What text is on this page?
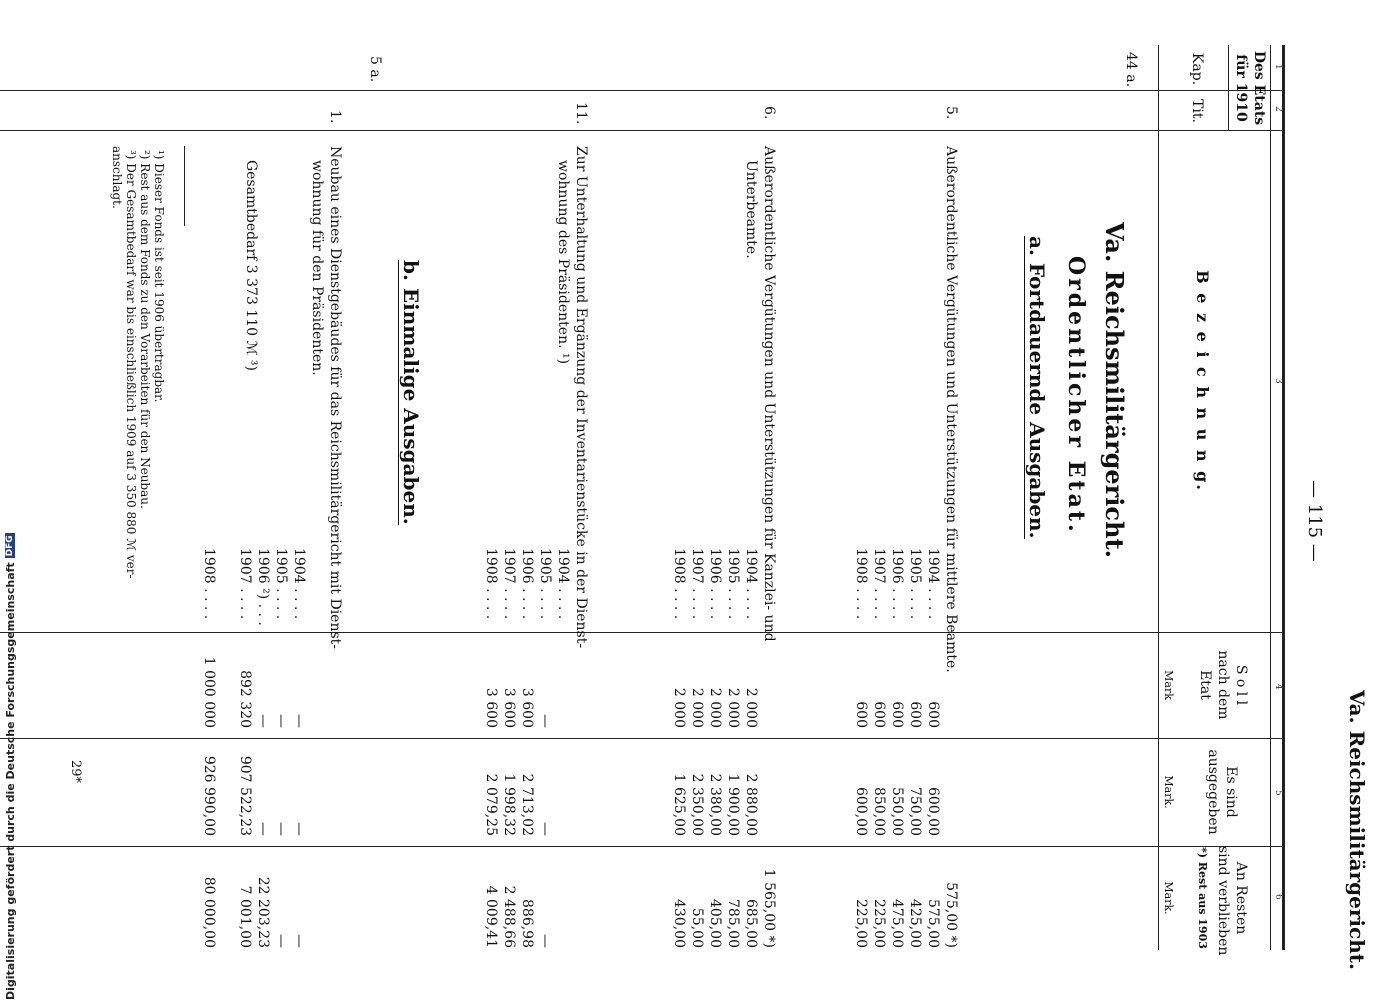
— 115 —
Va. Reichsmilitärgericht.
1
2
3
4
5
6
Des Etats
für 1910
Kap.
Tit.
B e z e i c h n u n g.
S o l l
nach dem
Etat
Mark
Es sind
ausgegeben
Mark.
An Resten
sind verblieben
*) Rest aus 1903
Mark.
44 a.
5 a.
Va. Reichsmilitärgericht.
Ordentlicher Etat.
a. Fortdauernde Ausgaben.
5.
Außerordentliche Vergütungen und Unterstützungen für mittlere Beamte.
1904 . . . .
1905 . . . .
1906 . . . .
1907 . . . .
1908 . . . .
600
600
600
600
600
600,00
750,00
550,00
850,00
600,00
575,00 *)
575,00
425,00
475,00
225,00
225,00
6.
Außerordentliche Vergütungen und Unterstützungen für Kanzlei- und
Unterbeamte.
1904 . . . .
1905 . . . .
1906 . . . .
1907 . . . .
1908 . . . .
2 000
2 000
2 000
2 000
2 000
2 880,00
1 900,00
2 380,00
2 350,00
1 625,00
1 565,00 *)
685,00
785,00
405,00
55,00
430,00
11.
Zur Unterhaltung und Ergänzung der Inventarienstücke in der Dienst-
wohnung des Präsidenten. ¹)
1904 . . . .
1905 . . . .
1906 . . . .
1907 . . . .
1908 . . . .
—
3 600
3 600
3 600
—
2 713,02
1 998,32
2 079,25
—
886,98
2 488,66
4 009,41
b. Einmalige Ausgaben.
1.
Neubau eines Dienstgebäudes für das Reichsmilitärgericht mit Dienst-
wohnung für den Präsidenten.
Gesamtbedarf 3 373 110 ℳ ³)
1904 . . . .
1905 . . . .
1906 ²) . . .
1907 . . . .
1908 . . . .
—
—
—
892 320
1 000 000
—
—
—
907 522,23
926 990,00
—
—
22 203,23
7 001,00
80 000,00
¹) Dieser Fonds ist seit 1906 übertragbar.
²) Rest aus dem Fonds zu den Vorarbeiten für den Neubau.
³) Der Gesamtbedarf war bis einschließlich 1909 auf 3 350 880 ℳ ver-
anschlagt.
29*
Digitalisierung gefördert durch die Deutsche Forschungsgemeinschaft
DFG
